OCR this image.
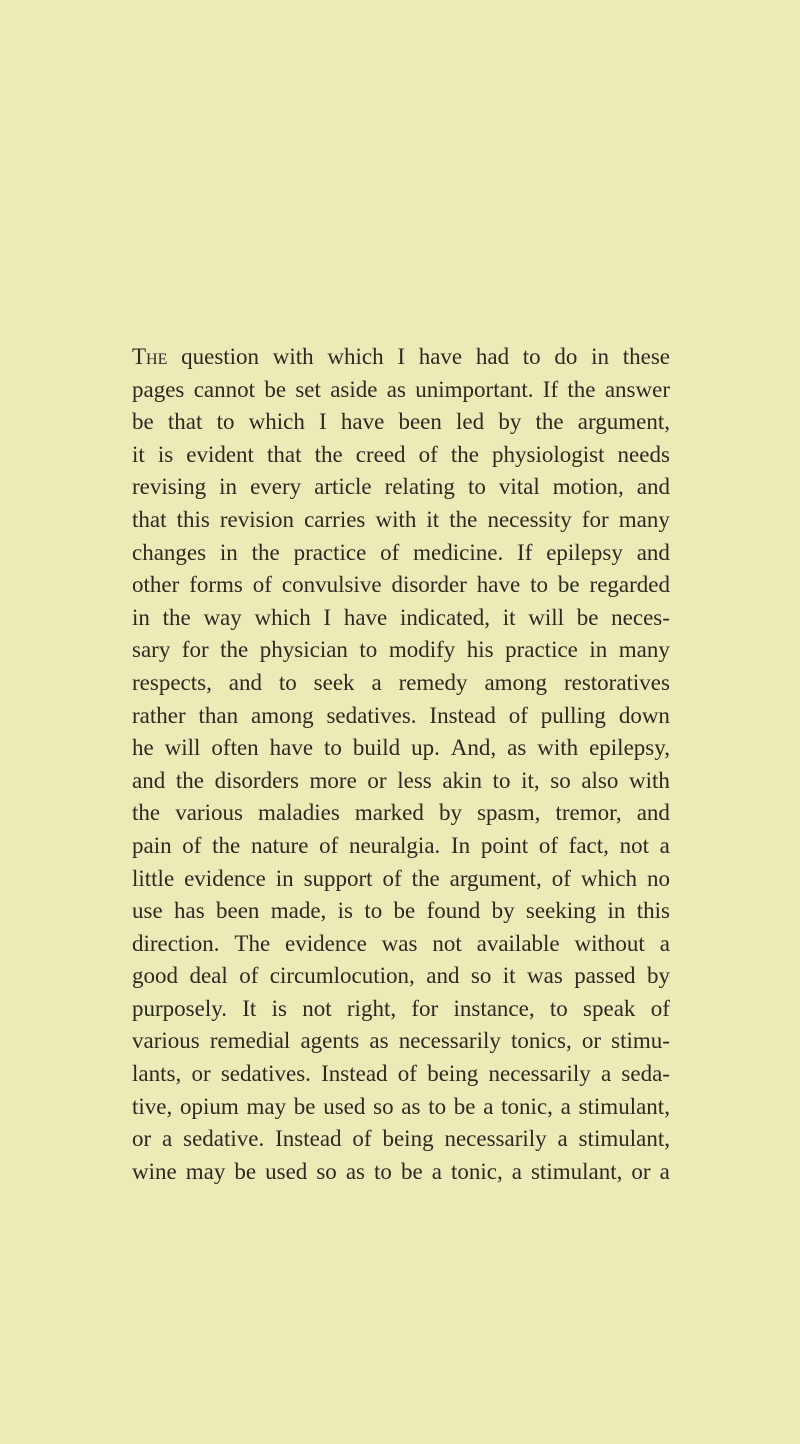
The question with which I have had to do in these
pages cannot be set aside as unimportant. If the answer
be that to which I have been led by the argument,
it is evident that the creed of the physiologist needs
revising in every article relating to vital motion, and
that this revision carries with it the necessity for many
changes in the practice of medicine. If epilepsy and
other forms of convulsive disorder have to be regarded
in the way which I have indicated, it will be neces-
sary for the physician to modify his practice in many
respects, and to seek a remedy among restoratives
rather than among sedatives. Instead of pulling down
he will often have to build up. And, as with epilepsy,
and the disorders more or less akin to it, so also with
the various maladies marked by spasm, tremor, and
pain of the nature of neuralgia. In point of fact, not a
little evidence in support of the argument, of which no
use has been made, is to be found by seeking in this
direction. The evidence was not available without a
good deal of circumlocution, and so it was passed by
purposely. It is not right, for instance, to speak of
various remedial agents as necessarily tonics, or stimu-
lants, or sedatives. Instead of being necessarily a seda-
tive, opium may be used so as to be a tonic, a stimulant,
or a sedative. Instead of being necessarily a stimulant,
wine may be used so as to be a tonic, a stimulant, or a
